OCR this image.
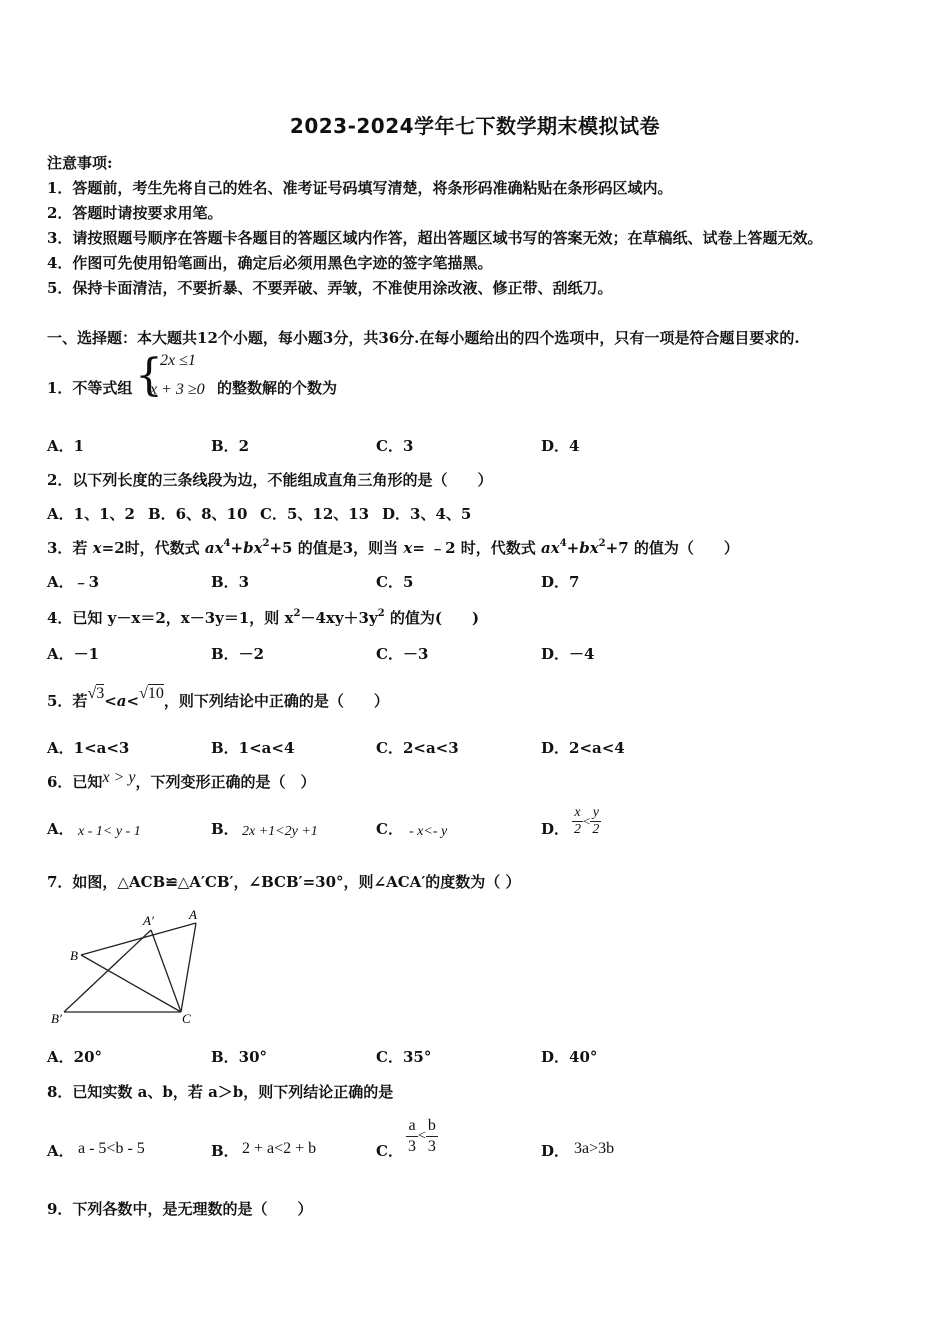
2023-2024学年七下数学期末模拟试卷
注意事项:
1．答题前，考生先将自己的姓名、准考证号码填写清楚，将条形码准确粘贴在条形码区域内。
2．答题时请按要求用笔。
3．请按照题号顺序在答题卡各题目的答题区域内作答，超出答题区域书写的答案无效；在草稿纸、试卷上答题无效。
4．作图可先使用铅笔画出，确定后必须用黑色字迹的签字笔描黑。
5．保持卡面清洁，不要折暴、不要弄破、弄皱，不准使用涂改液、修正带、刮纸刀。
一、选择题：本大题共12个小题，每小题3分，共36分.在每小题给出的四个选项中，只有一项是符合题目要求的.
1．不等式组 {
2x ≤1
x + 3 ≥0 的整数解的个数为
A．1	B．2	C．3	D．4
2．以下列长度的三条线段为边，不能组成直角三角形的是（　　）
A．1、1、2 B．6、8、10 C．5、12、13 D．3、4、5
3．若 x=2时，代数式 $ax^4+bx^2+5$ 的值是3，则当 x= ﹣2 时，代数式 $ax^4+bx^2+7$ 的值为（　　）
A．﹣3	B．3	C．5	D．7
4．已知 y－x＝2，x－3y＝1，则 $x^2-4xy+3y^2$ 的值为(　　)
A．－1	B．－2	C．－3	D．－4
5．若√3<a<√10，则下列结论中正确的是（　　）
A．1<a<3	B．1<a<4	C．2<a<3	D．2<a<4
6．已知x > y，下列变形正确的是（　）
A． x - 1< y - 1	B． 2x +1<2y +1	C． - x<- y	D． $\frac{x}{2} < \frac{y}{2}$
7．如图，△ACB≌△A′CB′，∠BCB′=30°，则∠ACA′的度数为（ ）
A′	A
B
B′	C
A．20°	B．30°	C．35°	D．40°
8．已知实数 a、b，若 a＞b，则下列结论正确的是
A． a - 5<b - 5	B． 2 + a<2 + b	C． $\frac{a}{3} < \frac{b}{3}$	D． 3a>3b
9．下列各数中，是无理数的是（　　）
